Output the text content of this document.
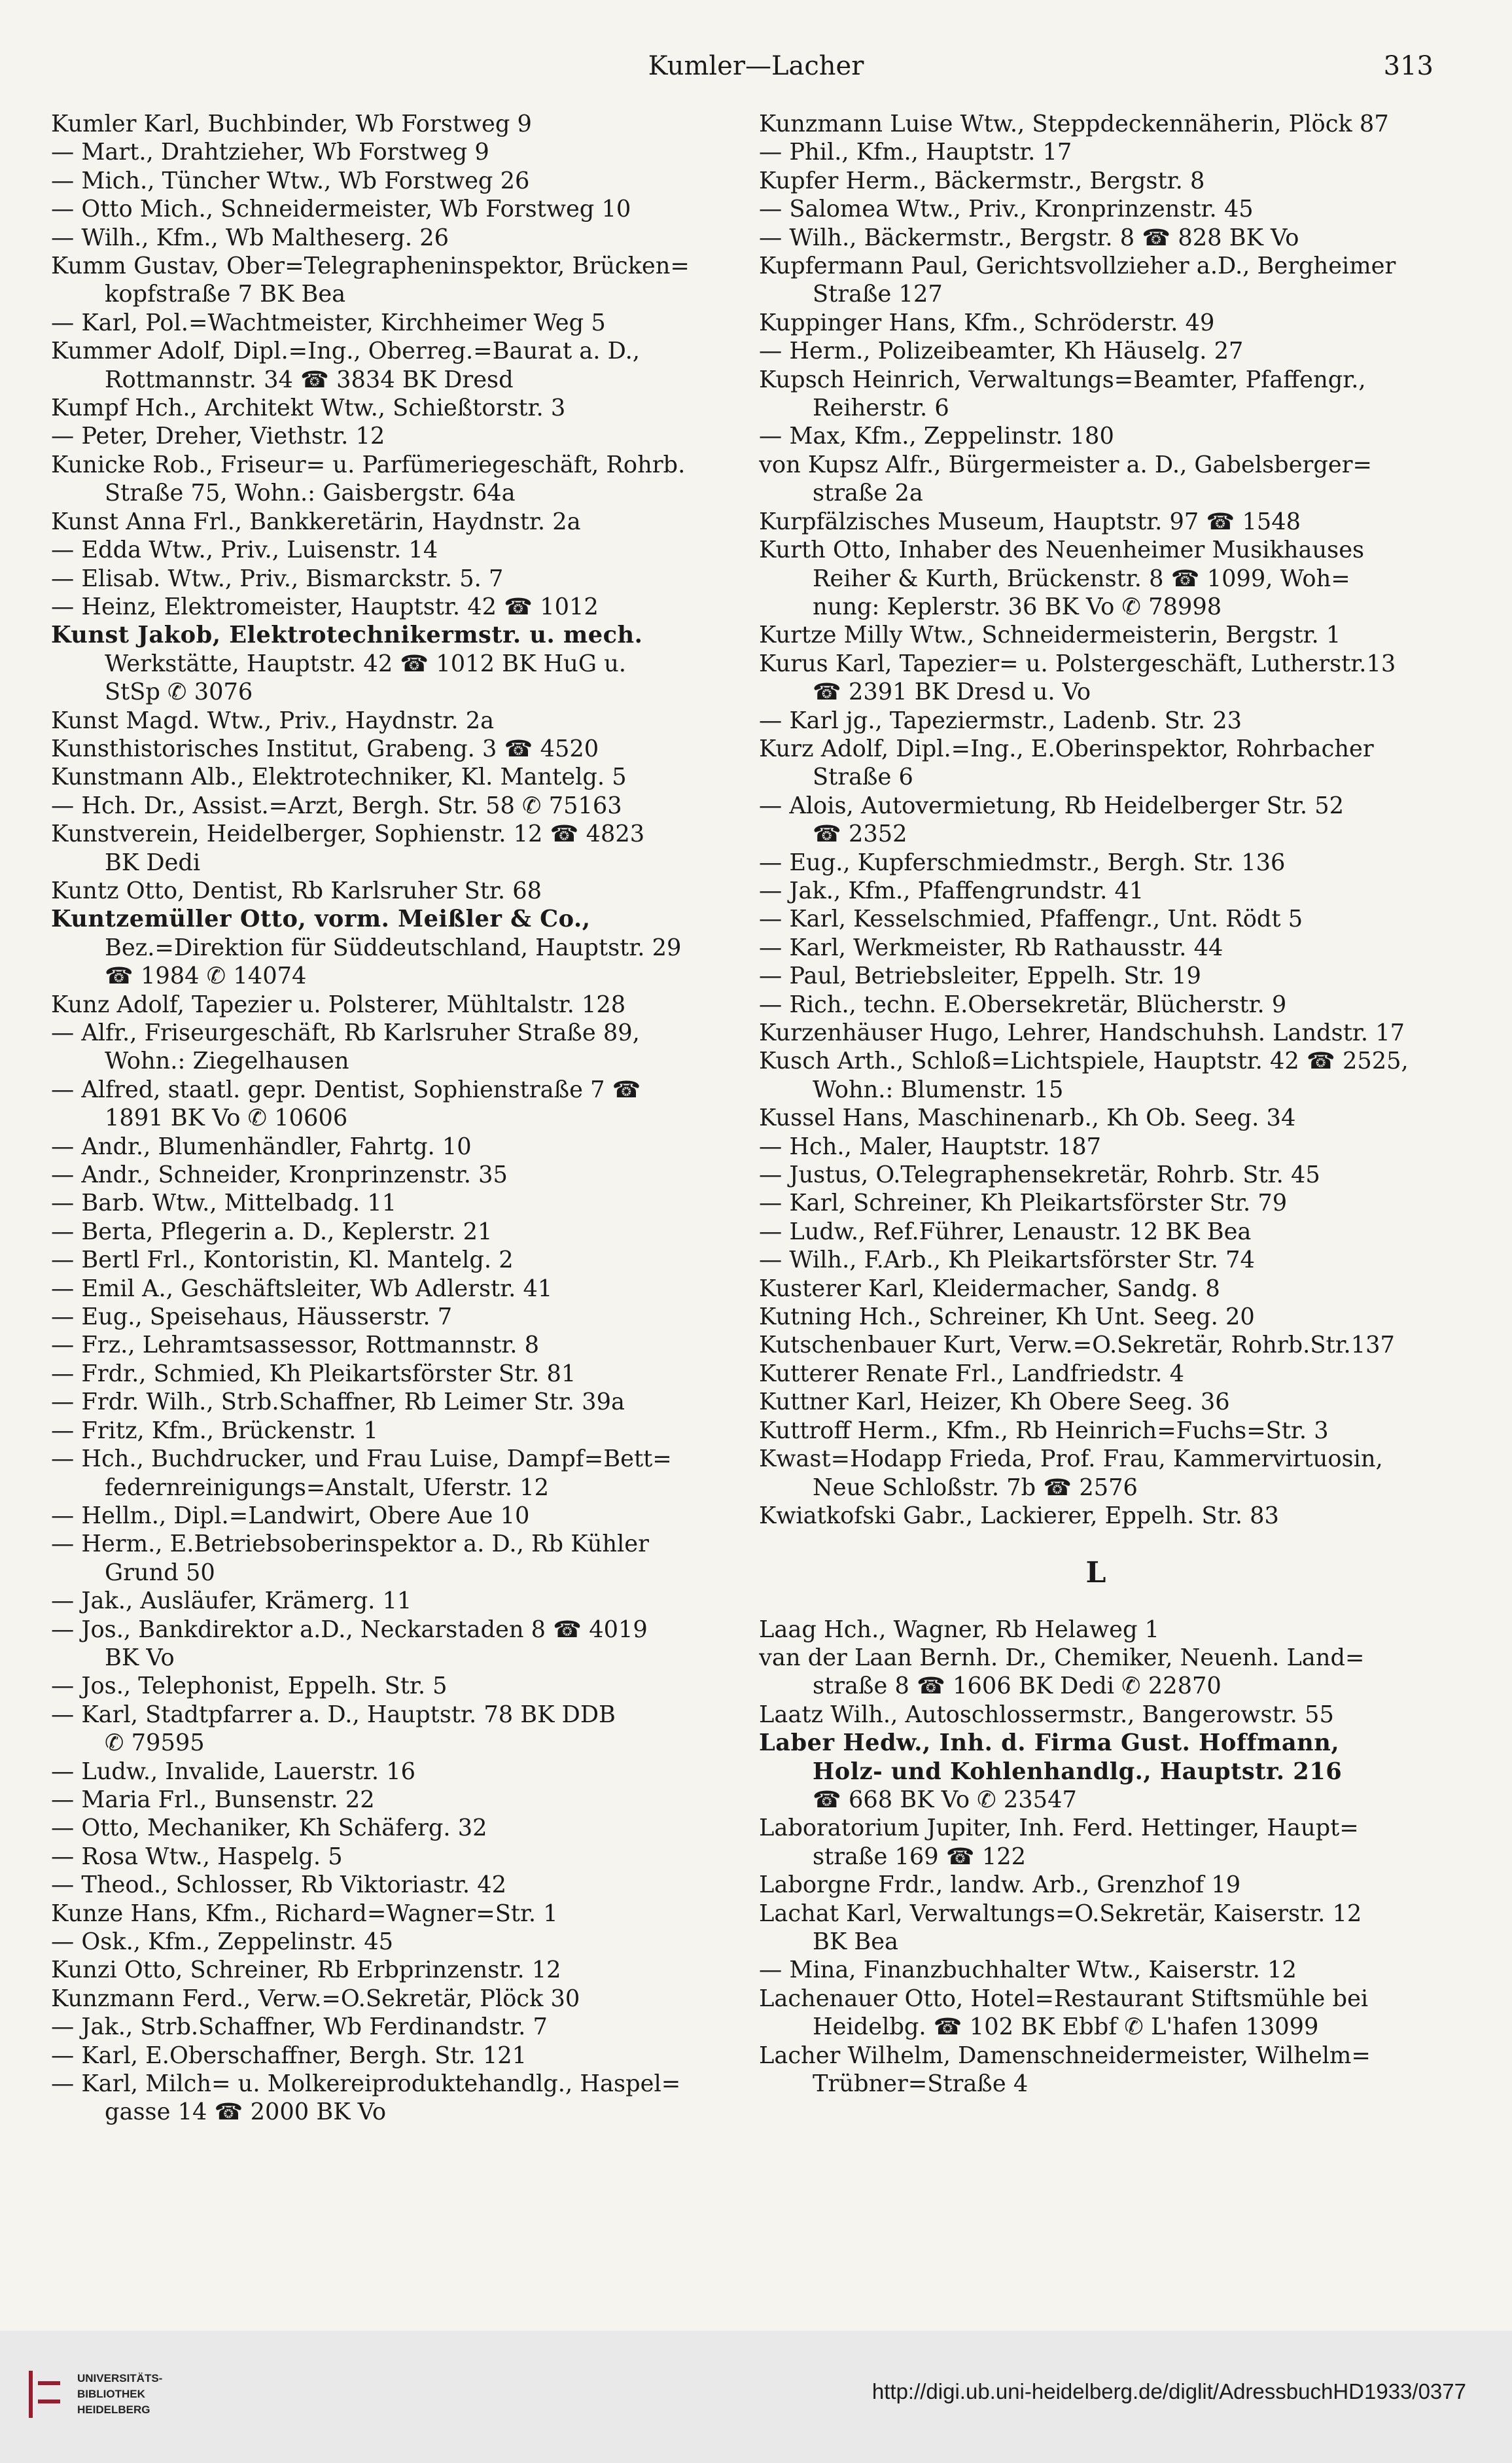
Kumler—Lacher	313
Kumler Karl, Buchbinder, Wb Forstweg 9
— Mart., Drahtzieher, Wb Forstweg 9
— Mich., Tüncher Wtw., Wb Forstweg 26
— Otto Mich., Schneidermeister, Wb Forstweg 10
— Wilh., Kfm., Wb Maltheserg. 26
Kumm Gustav, Ober=Telegrapheninspektor, Brücken=
kopfstraße 7 BK Bea
— Karl, Pol.=Wachtmeister, Kirchheimer Weg 5
Kummer Adolf, Dipl.=Ing., Oberreg.=Baurat a. D.,
Rottmannstr. 34 ☎ 3834 BK Dresd
Kumpf Hch., Architekt Wtw., Schießtorstr. 3
— Peter, Dreher, Viethstr. 12
Kunicke Rob., Friseur= u. Parfümeriegeschäft, Rohrb.
Straße 75, Wohn.: Gaisbergstr. 64a
Kunst Anna Frl., Bankkeretärin, Haydnstr. 2a
— Edda Wtw., Priv., Luisenstr. 14
— Elisab. Wtw., Priv., Bismarckstr. 5. 7
— Heinz, Elektromeister, Hauptstr. 42 ☎ 1012
Kunst Jakob, Elektrotechnikermstr. u. mech.
Werkstätte, Hauptstr. 42 ☎ 1012 BK HuG u.
StSp ✆ 3076
Kunst Magd. Wtw., Priv., Haydnstr. 2a
Kunsthistorisches Institut, Grabeng. 3 ☎ 4520
Kunstmann Alb., Elektrotechniker, Kl. Mantelg. 5
— Hch. Dr., Assist.=Arzt, Bergh. Str. 58 ✆ 75163
Kunstverein, Heidelberger, Sophienstr. 12 ☎ 4823
BK Dedi
Kuntz Otto, Dentist, Rb Karlsruher Str. 68
Kuntzemüller Otto, vorm. Meißler & Co.,
Bez.=Direktion für Süddeutschland, Hauptstr. 29
☎ 1984 ✆ 14074
Kunz Adolf, Tapezier u. Polsterer, Mühltalstr. 128
— Alfr., Friseurgeschäft, Rb Karlsruher Straße 89,
Wohn.: Ziegelhausen
— Alfred, staatl. gepr. Dentist, Sophienstraße 7 ☎
1891 BK Vo ✆ 10606
— Andr., Blumenhändler, Fahrtg. 10
— Andr., Schneider, Kronprinzenstr. 35
— Barb. Wtw., Mittelbadg. 11
— Berta, Pflegerin a. D., Keplerstr. 21
— Bertl Frl., Kontoristin, Kl. Mantelg. 2
— Emil A., Geschäftsleiter, Wb Adlerstr. 41
— Eug., Speisehaus, Häusserstr. 7
— Frz., Lehramtsassessor, Rottmannstr. 8
— Frdr., Schmied, Kh Pleikartsförster Str. 81
— Frdr. Wilh., Strb.Schaffner, Rb Leimer Str. 39a
— Fritz, Kfm., Brückenstr. 1
— Hch., Buchdrucker, und Frau Luise, Dampf=Bett=
federnreinigungs=Anstalt, Uferstr. 12
— Hellm., Dipl.=Landwirt, Obere Aue 10
— Herm., E.Betriebsoberinspektor a. D., Rb Kühler
Grund 50
— Jak., Ausläufer, Krämerg. 11
— Jos., Bankdirektor a.D., Neckarstaden 8 ☎ 4019
BK Vo
— Jos., Telephonist, Eppelh. Str. 5
— Karl, Stadtpfarrer a. D., Hauptstr. 78 BK DDB
✆ 79595
— Ludw., Invalide, Lauerstr. 16
— Maria Frl., Bunsenstr. 22
— Otto, Mechaniker, Kh Schäferg. 32
— Rosa Wtw., Haspelg. 5
— Theod., Schlosser, Rb Viktoriastr. 42
Kunze Hans, Kfm., Richard=Wagner=Str. 1
— Osk., Kfm., Zeppelinstr. 45
Kunzi Otto, Schreiner, Rb Erbprinzenstr. 12
Kunzmann Ferd., Verw.=O.Sekretär, Plöck 30
— Jak., Strb.Schaffner, Wb Ferdinandstr. 7
— Karl, E.Oberschaffner, Bergh. Str. 121
— Karl, Milch= u. Molkereiproduktehandlg., Haspel=
gasse 14 ☎ 2000 BK Vo
Kunzmann Luise Wtw., Steppdeckennäherin, Plöck 87
— Phil., Kfm., Hauptstr. 17
Kupfer Herm., Bäckermstr., Bergstr. 8
— Salomea Wtw., Priv., Kronprinzenstr. 45
— Wilh., Bäckermstr., Bergstr. 8 ☎ 828 BK Vo
Kupfermann Paul, Gerichtsvollzieher a.D., Bergheimer
Straße 127
Kuppinger Hans, Kfm., Schröderstr. 49
— Herm., Polizeibeamter, Kh Häuselg. 27
Kupsch Heinrich, Verwaltungs=Beamter, Pfaffengr.,
Reiherstr. 6
— Max, Kfm., Zeppelinstr. 180
von Kupsz Alfr., Bürgermeister a. D., Gabelsberger=
straße 2a
Kurpfälzisches Museum, Hauptstr. 97 ☎ 1548
Kurth Otto, Inhaber des Neuenheimer Musikhauses
Reiher & Kurth, Brückenstr. 8 ☎ 1099, Woh=
nung: Keplerstr. 36 BK Vo ✆ 78998
Kurtze Milly Wtw., Schneidermeisterin, Bergstr. 1
Kurus Karl, Tapezier= u. Polstergeschäft, Lutherstr.13
☎ 2391 BK Dresd u. Vo
— Karl jg., Tapeziermstr., Ladenb. Str. 23
Kurz Adolf, Dipl.=Ing., E.Oberinspektor, Rohrbacher
Straße 6
— Alois, Autovermietung, Rb Heidelberger Str. 52
☎ 2352
— Eug., Kupferschmiedmstr., Bergh. Str. 136
— Jak., Kfm., Pfaffengrundstr. 41
— Karl, Kesselschmied, Pfaffengr., Unt. Rödt 5
— Karl, Werkmeister, Rb Rathausstr. 44
— Paul, Betriebsleiter, Eppelh. Str. 19
— Rich., techn. E.Obersekretär, Blücherstr. 9
Kurzenhäuser Hugo, Lehrer, Handschuhsh. Landstr. 17
Kusch Arth., Schloß=Lichtspiele, Hauptstr. 42 ☎ 2525,
Wohn.: Blumenstr. 15
Kussel Hans, Maschinenarb., Kh Ob. Seeg. 34
— Hch., Maler, Hauptstr. 187
— Justus, O.Telegraphensekretär, Rohrb. Str. 45
— Karl, Schreiner, Kh Pleikartsförster Str. 79
— Ludw., Ref.Führer, Lenaustr. 12 BK Bea
— Wilh., F.Arb., Kh Pleikartsförster Str. 74
Kusterer Karl, Kleidermacher, Sandg. 8
Kutning Hch., Schreiner, Kh Unt. Seeg. 20
Kutschenbauer Kurt, Verw.=O.Sekretär, Rohrb.Str.137
Kutterer Renate Frl., Landfriedstr. 4
Kuttner Karl, Heizer, Kh Obere Seeg. 36
Kuttroff Herm., Kfm., Rb Heinrich=Fuchs=Str. 3
Kwast=Hodapp Frieda, Prof. Frau, Kammervirtuosin,
Neue Schloßstr. 7b ☎ 2576
Kwiatkofski Gabr., Lackierer, Eppelh. Str. 83
L
Laag Hch., Wagner, Rb Helaweg 1
van der Laan Bernh. Dr., Chemiker, Neuenh. Land=
straße 8 ☎ 1606 BK Dedi ✆ 22870
Laatz Wilh., Autoschlossermstr., Bangerowstr. 55
Laber Hedw., Inh. d. Firma Gust. Hoffmann,
Holz- und Kohlenhandlg., Hauptstr. 216
☎ 668 BK Vo ✆ 23547
Laboratorium Jupiter, Inh. Ferd. Hettinger, Haupt=
straße 169 ☎ 122
Laborgne Frdr., landw. Arb., Grenzhof 19
Lachat Karl, Verwaltungs=O.Sekretär, Kaiserstr. 12
BK Bea
— Mina, Finanzbuchhalter Wtw., Kaiserstr. 12
Lachenauer Otto, Hotel=Restaurant Stiftsmühle bei
Heidelbg. ☎ 102 BK Ebbf ✆ L'hafen 13099
Lacher Wilhelm, Damenschneidermeister, Wilhelm=
Trübner=Straße 4
UNIVERSITÄTS-
BIBLIOTHEK
HEIDELBERG
http://digi.ub.uni-heidelberg.de/diglit/AdressbuchHD1933/0377
